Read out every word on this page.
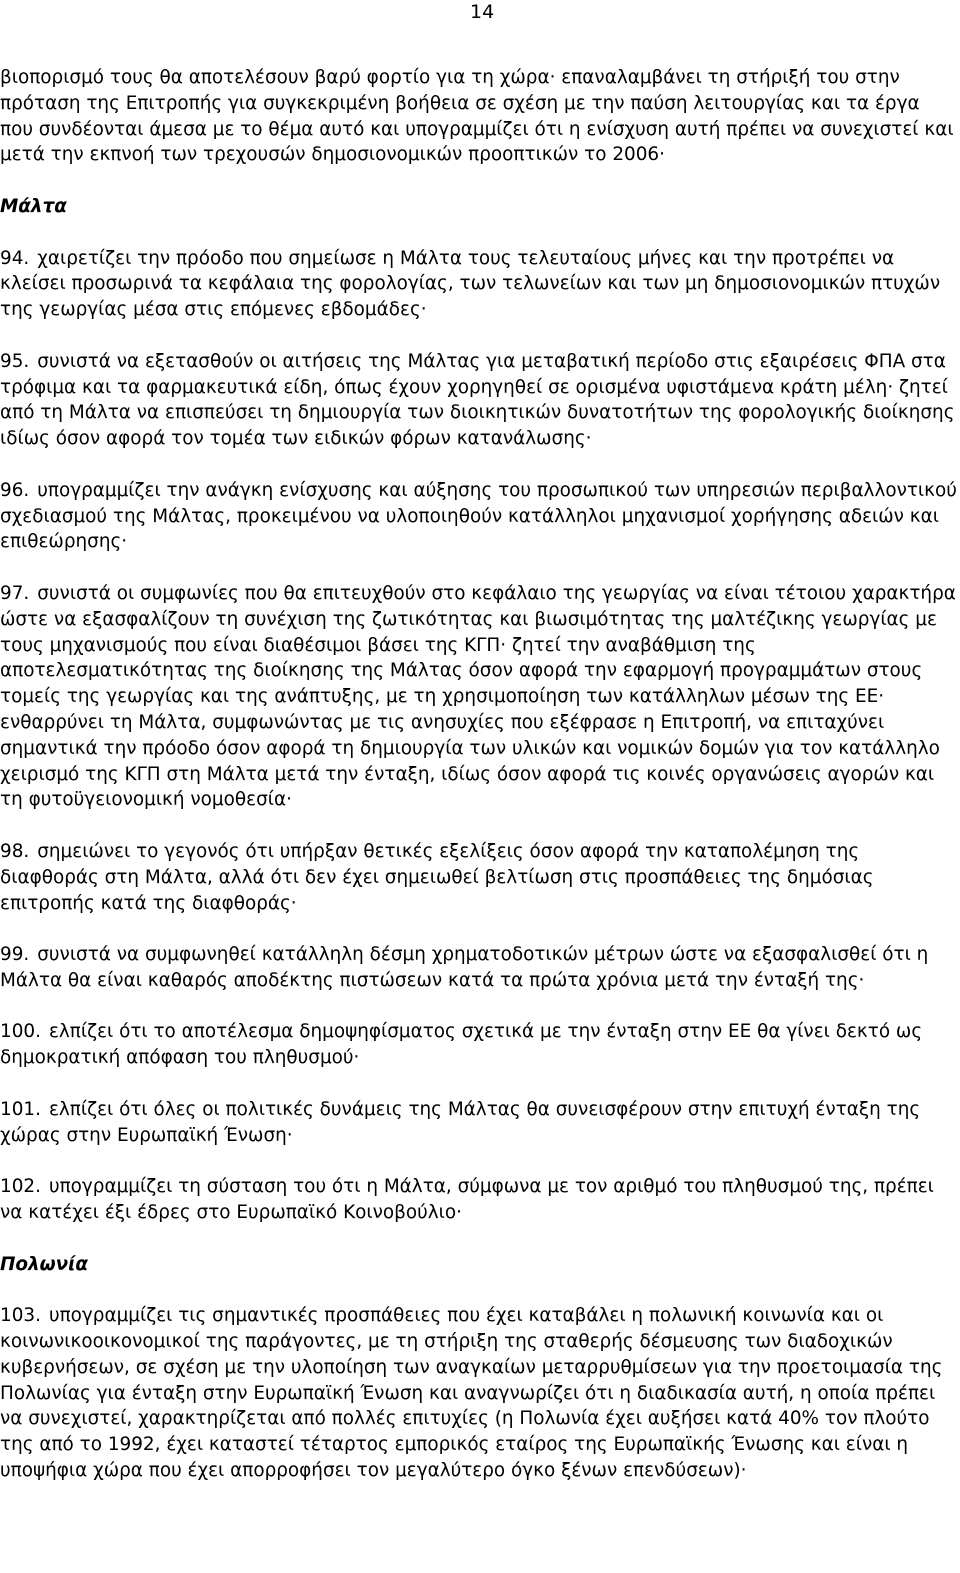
14

βιοπορισμό τους θα αποτελέσουν βαρύ φορτίο για τη χώρα· επαναλαμβάνει τη στήριξή του στην πρόταση της Επιτροπής για συγκεκριμένη βοήθεια σε σχέση με την παύση λειτουργίας και τα έργα που συνδέονται άμεσα με το θέμα αυτό και υπογραμμίζει ότι η ενίσχυση αυτή πρέπει να συνεχιστεί και μετά την εκπνοή των τρεχουσών δημοσιονομικών προοπτικών το 2006·

Μάλτα

94. χαιρετίζει την πρόοδο που σημείωσε η Μάλτα τους τελευταίους μήνες και την προτρέπει να κλείσει προσωρινά τα κεφάλαια της φορολογίας, των τελωνείων και των μη δημοσιονομικών πτυχών της γεωργίας μέσα στις επόμενες εβδομάδες·

95. συνιστά να εξετασθούν οι αιτήσεις της Μάλτας για μεταβατική περίοδο στις εξαιρέσεις ΦΠΑ στα τρόφιμα και τα φαρμακευτικά είδη, όπως έχουν χορηγηθεί σε ορισμένα υφιστάμενα κράτη μέλη· ζητεί από τη Μάλτα να επισπεύσει τη δημιουργία των διοικητικών δυνατοτήτων της φορολογικής διοίκησης ιδίως όσον αφορά τον τομέα των ειδικών φόρων κατανάλωσης·

96. υπογραμμίζει την ανάγκη ενίσχυσης και αύξησης του προσωπικού των υπηρεσιών περιβαλλοντικού σχεδιασμού της Μάλτας, προκειμένου να υλοποιηθούν κατάλληλοι μηχανισμοί χορήγησης αδειών και επιθεώρησης·

97. συνιστά οι συμφωνίες που θα επιτευχθούν στο κεφάλαιο της γεωργίας να είναι τέτοιου χαρακτήρα ώστε να εξασφαλίζουν τη συνέχιση της ζωτικότητας και βιωσιμότητας της μαλτέζικης γεωργίας με τους μηχανισμούς που είναι διαθέσιμοι βάσει της ΚΓΠ· ζητεί την αναβάθμιση της αποτελεσματικότητας της διοίκησης της Μάλτας όσον αφορά την εφαρμογή προγραμμάτων στους τομείς της γεωργίας και της ανάπτυξης, με τη χρησιμοποίηση των κατάλληλων μέσων της ΕΕ· ενθαρρύνει τη Μάλτα, συμφωνώντας με τις ανησυχίες που εξέφρασε η Επιτροπή, να επιταχύνει σημαντικά την πρόοδο όσον αφορά τη δημιουργία των υλικών και νομικών δομών για τον κατάλληλο χειρισμό της ΚΓΠ στη Μάλτα μετά την ένταξη, ιδίως όσον αφορά τις κοινές οργανώσεις αγορών και τη φυτοϋγειονομική νομοθεσία·

98. σημειώνει το γεγονός ότι υπήρξαν θετικές εξελίξεις όσον αφορά την καταπολέμηση της διαφθοράς στη Μάλτα, αλλά ότι δεν έχει σημειωθεί βελτίωση στις προσπάθειες της δημόσιας επιτροπής κατά της διαφθοράς·

99. συνιστά να συμφωνηθεί κατάλληλη δέσμη χρηματοδοτικών μέτρων ώστε να εξασφαλισθεί ότι η Μάλτα θα είναι καθαρός αποδέκτης πιστώσεων κατά τα πρώτα χρόνια μετά την ένταξή της·

100. ελπίζει ότι το αποτέλεσμα δημοψηφίσματος σχετικά με την ένταξη στην ΕΕ θα γίνει δεκτό ως δημοκρατική απόφαση του πληθυσμού·

101. ελπίζει ότι όλες οι πολιτικές δυνάμεις της Μάλτας θα συνεισφέρουν στην επιτυχή ένταξη της χώρας στην Ευρωπαϊκή Ένωση·

102. υπογραμμίζει τη σύσταση του ότι η Μάλτα, σύμφωνα με τον αριθμό του πληθυσμού της, πρέπει να κατέχει έξι έδρες στο Ευρωπαϊκό Κοινοβούλιο·

Πολωνία

103. υπογραμμίζει τις σημαντικές προσπάθειες που έχει καταβάλει η πολωνική κοινωνία και οι κοινωνικοοικονομικοί της παράγοντες, με τη στήριξη της σταθερής δέσμευσης των διαδοχικών κυβερνήσεων, σε σχέση με την υλοποίηση των αναγκαίων μεταρρυθμίσεων για την προετοιμασία της Πολωνίας για ένταξη στην Ευρωπαϊκή Ένωση και αναγνωρίζει ότι η διαδικασία αυτή, η οποία πρέπει να συνεχιστεί, χαρακτηρίζεται από πολλές επιτυχίες (η Πολωνία έχει αυξήσει κατά 40% τον πλούτο της από το 1992, έχει καταστεί τέταρτος εμπορικός εταίρος της Ευρωπαϊκής Ένωσης και είναι η υποψήφια χώρα που έχει απορροφήσει τον μεγαλύτερο όγκο ξένων επενδύσεων)·
